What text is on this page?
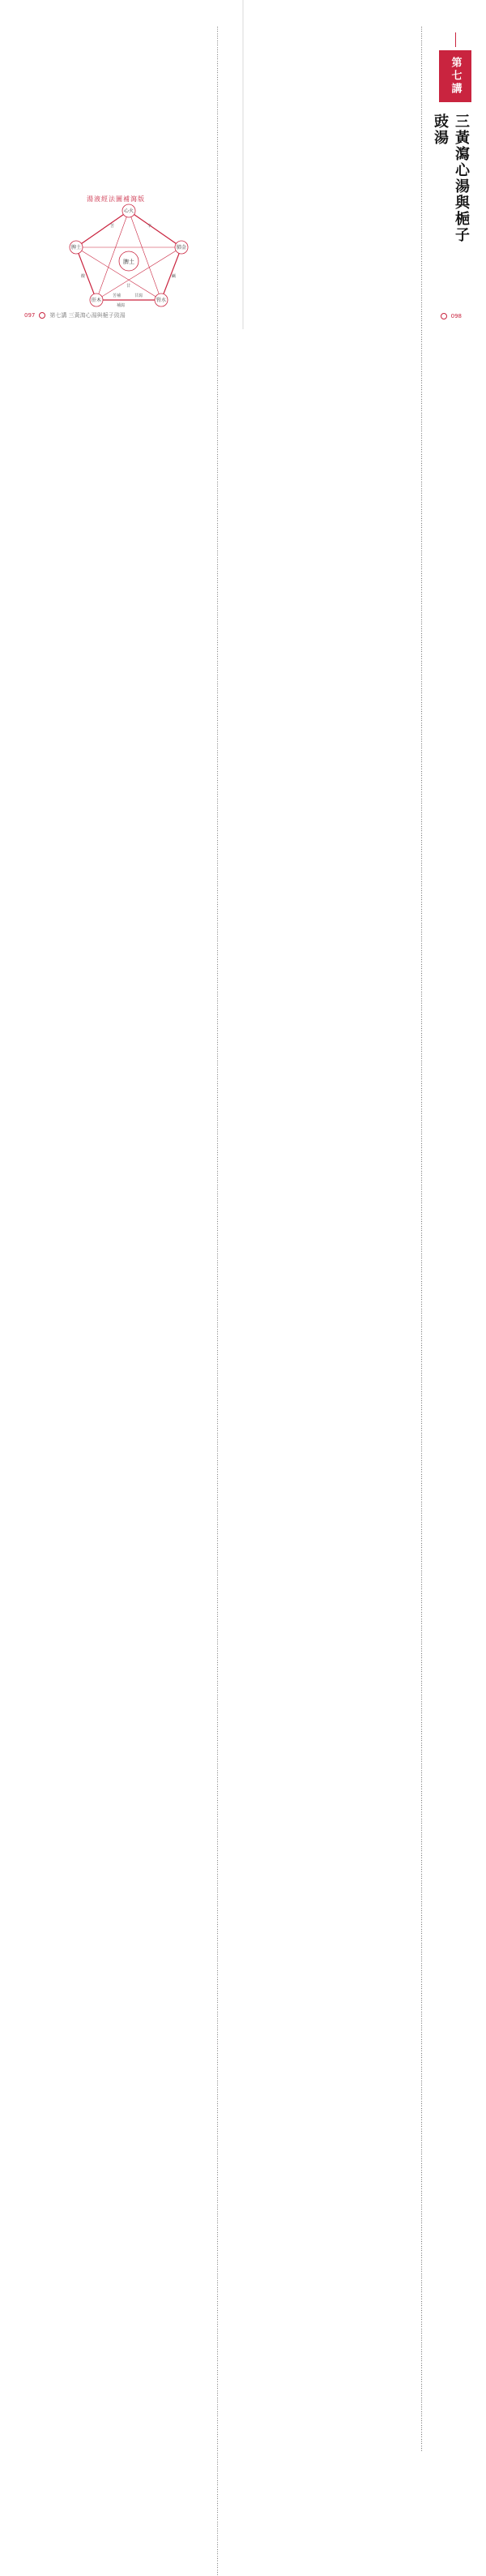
第七講
三黃瀉心湯與梔子豉湯
…………………………………………………………………………………………………………………………………………………………………………………………………………………………………………………………………………………………………………………………………………………………………………………………………………………………………………………………………………………………………………………………………………………………………………………………………………………………………………………………………………………………………………………………………………………………………………………………………………………………………………………………………………………………………………………………………………………………………………
…………………………………………………………………………………………………………………………………………………………………………………………………………………………………………………………………………………………………………………………………………………………………………………………………………………………………………………………………………………………………………………………………………………………………………………………………………………………………………………………………………………………………………………………………………………………………………………………………………………………………………………………………………………………………………………………………………………………………………………………………………………………
湯液經法圖補瀉版
脾土
心火
肺金
腎水
肝木
脾土
苦	辛
鹹
酸
甘
補瀉
苦補	甘瀉
097	第七講 三黃瀉心湯與梔子豉湯	098
